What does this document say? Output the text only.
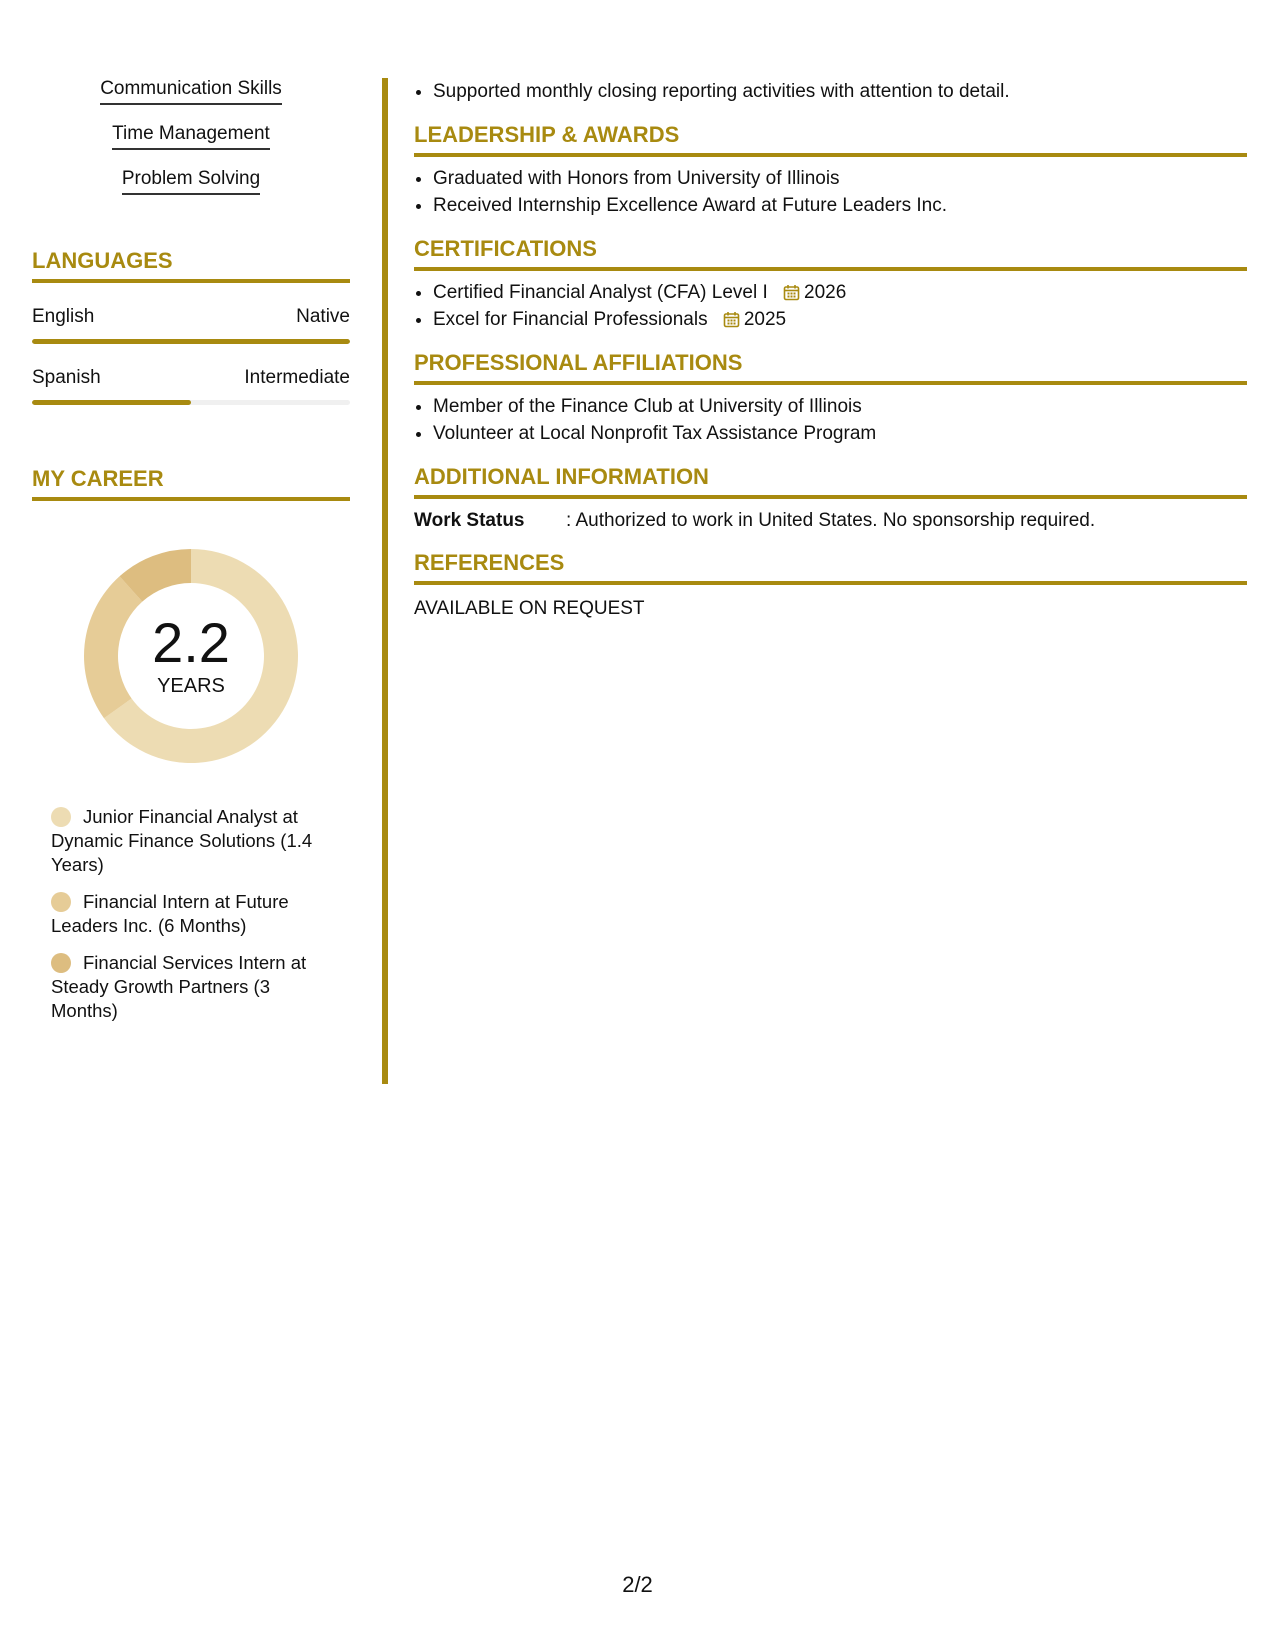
Communication Skills
Time Management
Problem Solving
LANGUAGES
English	Native
Spanish	Intermediate
MY CAREER
2.2
YEARS
Junior Financial Analyst at Dynamic Finance Solutions (1.4 Years)
Financial Intern at Future Leaders Inc. (6 Months)
Financial Services Intern at Steady Growth Partners (3 Months)
• Supported monthly closing reporting activities with attention to detail.
LEADERSHIP & AWARDS
• Graduated with Honors from University of Illinois
• Received Internship Excellence Award at Future Leaders Inc.
CERTIFICATIONS
• Certified Financial Analyst (CFA) Level I 2026
• Excel for Financial Professionals 2025
PROFESSIONAL AFFILIATIONS
• Member of the Finance Club at University of Illinois
• Volunteer at Local Nonprofit Tax Assistance Program
ADDITIONAL INFORMATION
Work Status	: Authorized to work in United States. No sponsorship required.
REFERENCES
AVAILABLE ON REQUEST
2/2
